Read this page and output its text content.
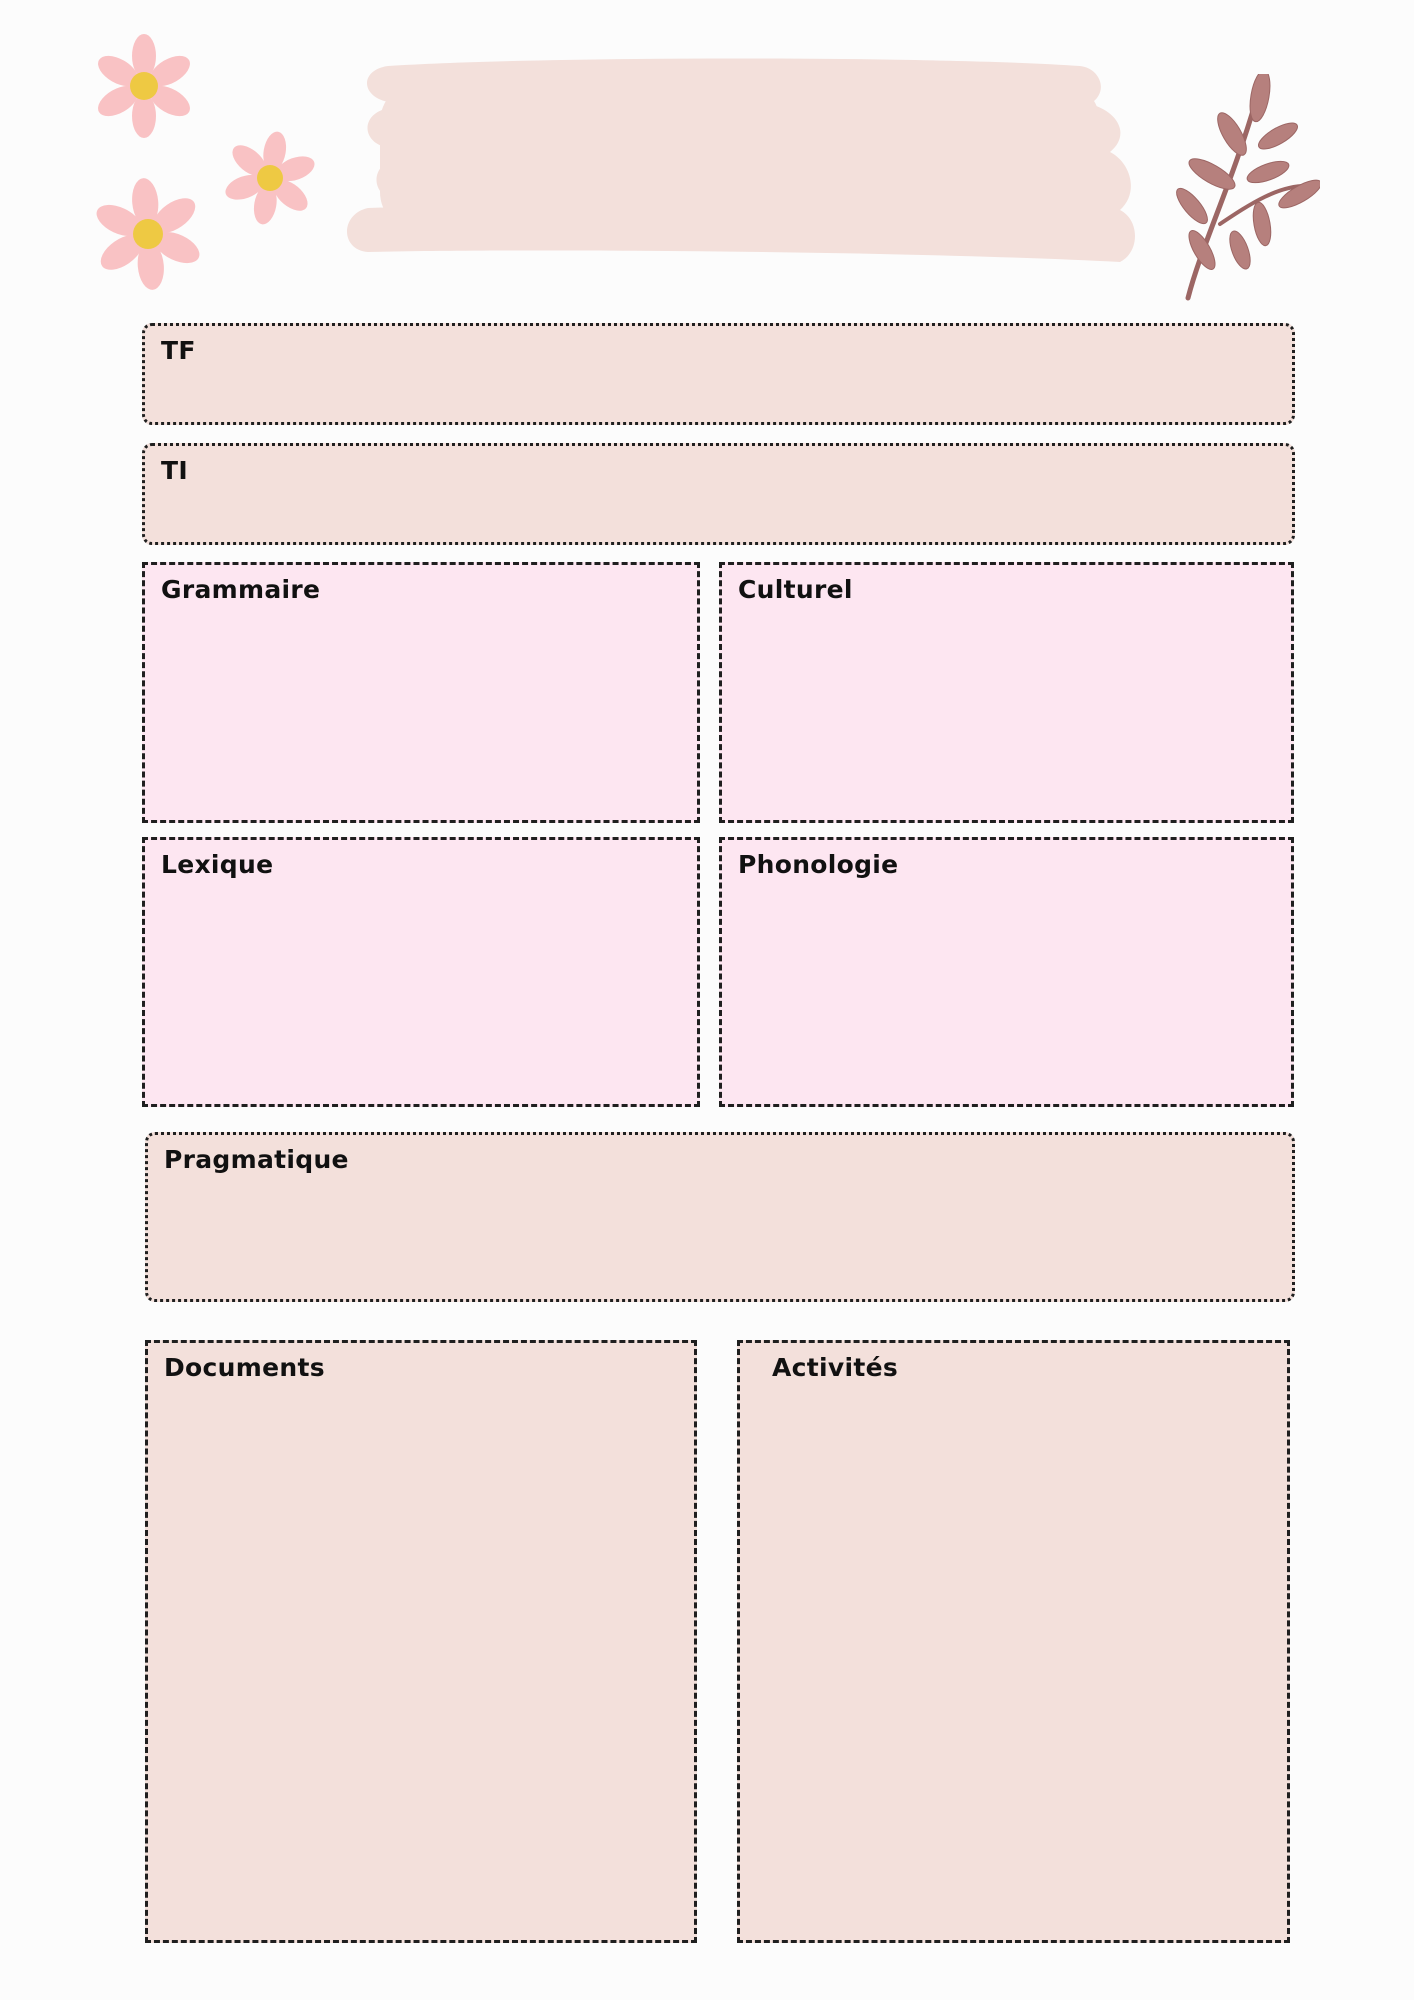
TF
TI
Grammaire	Culturel
Lexique	Phonologie
Pragmatique
Documents	Activités
